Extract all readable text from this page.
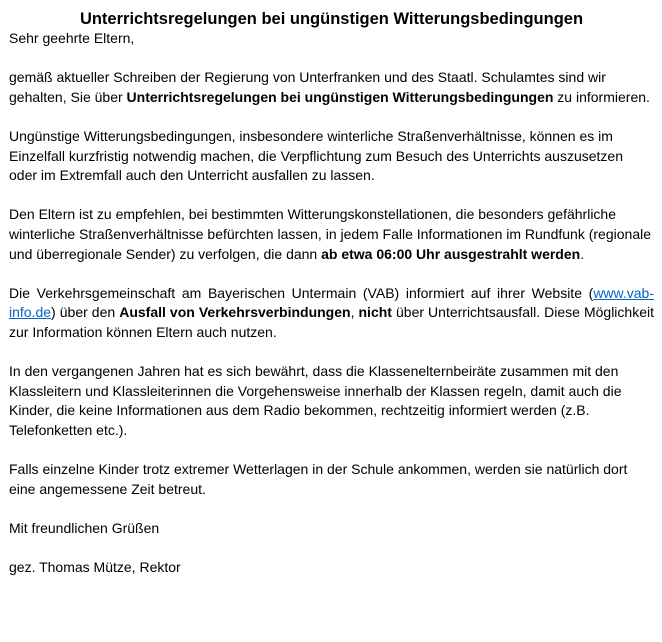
Unterrichtsregelungen bei ungünstigen Witterungsbedingungen

Sehr geehrte Eltern,

gemäß aktueller Schreiben der Regierung von Unterfranken und des Staatl. Schulamtes sind wir gehalten, Sie über Unterrichtsregelungen bei ungünstigen Witterungsbedingungen zu informieren.

Ungünstige Witterungsbedingungen, insbesondere winterliche Straßenverhältnisse, können es im Einzelfall kurzfristig notwendig machen, die Verpflichtung zum Besuch des Unterrichts auszusetzen oder im Extremfall auch den Unterricht ausfallen zu lassen.

Den Eltern ist zu empfehlen, bei bestimmten Witterungskonstellationen, die besonders gefährliche winterliche Straßenverhältnisse befürchten lassen, in jedem Falle Informationen im Rundfunk (regionale und überregionale Sender) zu verfolgen, die dann ab etwa 06:00 Uhr ausgestrahlt werden.

Die Verkehrsgemeinschaft am Bayerischen Untermain (VAB) informiert auf ihrer Website (www.vab-info.de) über den Ausfall von Verkehrsverbindungen, nicht über Unterrichtsausfall. Diese Möglichkeit zur Information können Eltern auch nutzen.

In den vergangenen Jahren hat es sich bewährt, dass die Klassenelternbeiräte zusammen mit den Klassleitern und Klassleiterinnen die Vorgehensweise innerhalb der Klassen regeln, damit auch die Kinder, die keine Informationen aus dem Radio bekommen, rechtzeitig informiert werden (z.B. Telefonketten etc.).

Falls einzelne Kinder trotz extremer Wetterlagen in der Schule ankommen, werden sie natürlich dort eine angemessene Zeit betreut.

Mit freundlichen Grüßen

gez. Thomas Mütze, Rektor
